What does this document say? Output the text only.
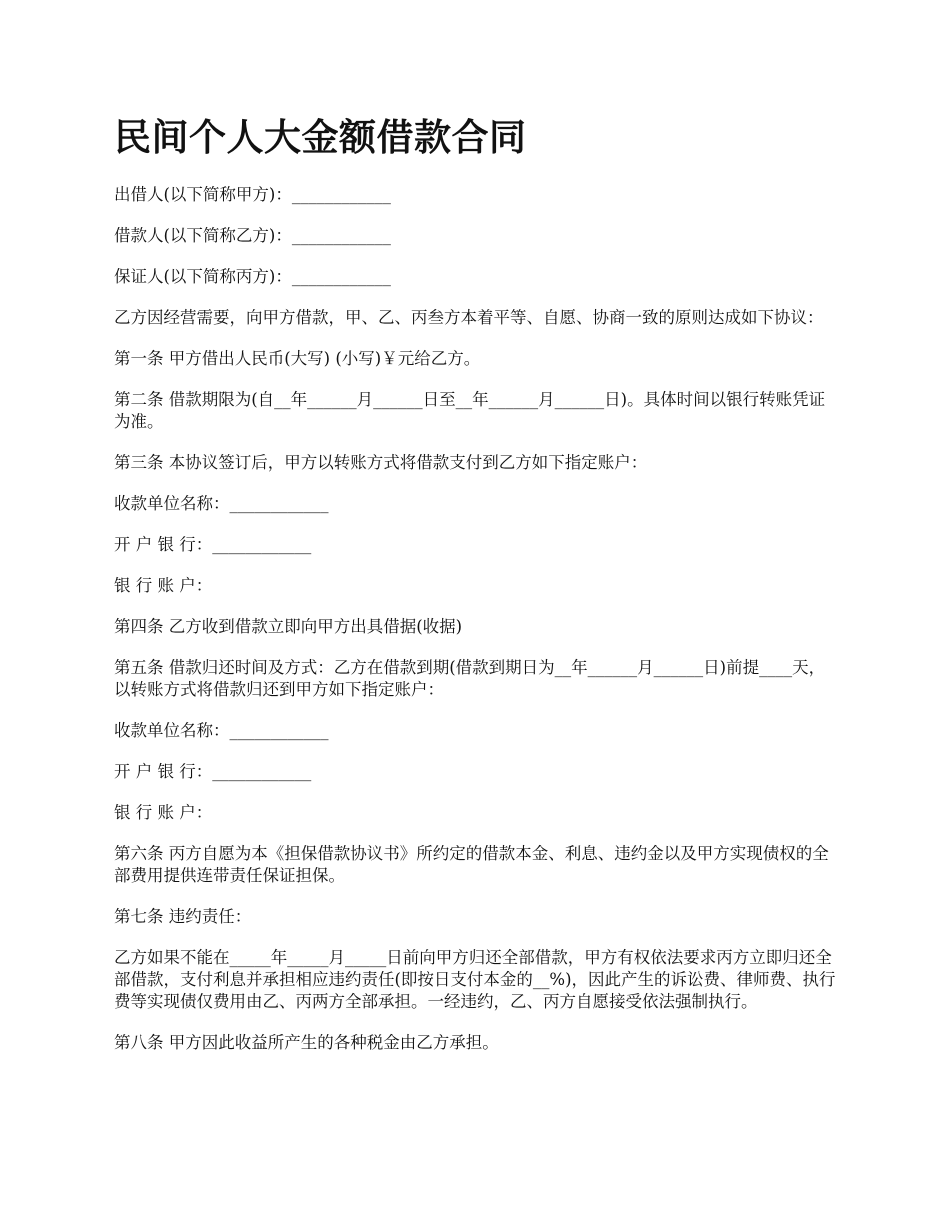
民间个人大金额借款合同
出借人(以下简称甲方)：____________
借款人(以下简称乙方)：____________
保证人(以下简称丙方)：____________
乙方因经营需要，向甲方借款，甲、乙、丙叁方本着平等、自愿、协商一致的原则达成如下协议：
第一条 甲方借出人民币(大写) (小写)￥元给乙方。
第二条 借款期限为(自__年______月______日至__年______月______日)。具体时间以银行转账凭证为准。
第三条 本协议签订后，甲方以转账方式将借款支付到乙方如下指定账户：
收款单位名称：____________
开 户 银 行：____________
银 行 账 户：
第四条 乙方收到借款立即向甲方出具借据(收据)
第五条 借款归还时间及方式：乙方在借款到期(借款到期日为__年______月______日)前提____天，以转账方式将借款归还到甲方如下指定账户：
收款单位名称：____________
开 户 银 行：____________
银 行 账 户：
第六条 丙方自愿为本《担保借款协议书》所约定的借款本金、利息、违约金以及甲方实现债权的全部费用提供连带责任保证担保。
第七条 违约责任：
乙方如果不能在_____年_____月_____日前向甲方归还全部借款，甲方有权依法要求丙方立即归还全部借款，支付利息并承担相应违约责任(即按日支付本金的__%)，因此产生的诉讼费、律师费、执行费等实现债仅费用由乙、丙两方全部承担。一经违约，乙、丙方自愿接受依法强制执行。
第八条 甲方因此收益所产生的各种税金由乙方承担。
